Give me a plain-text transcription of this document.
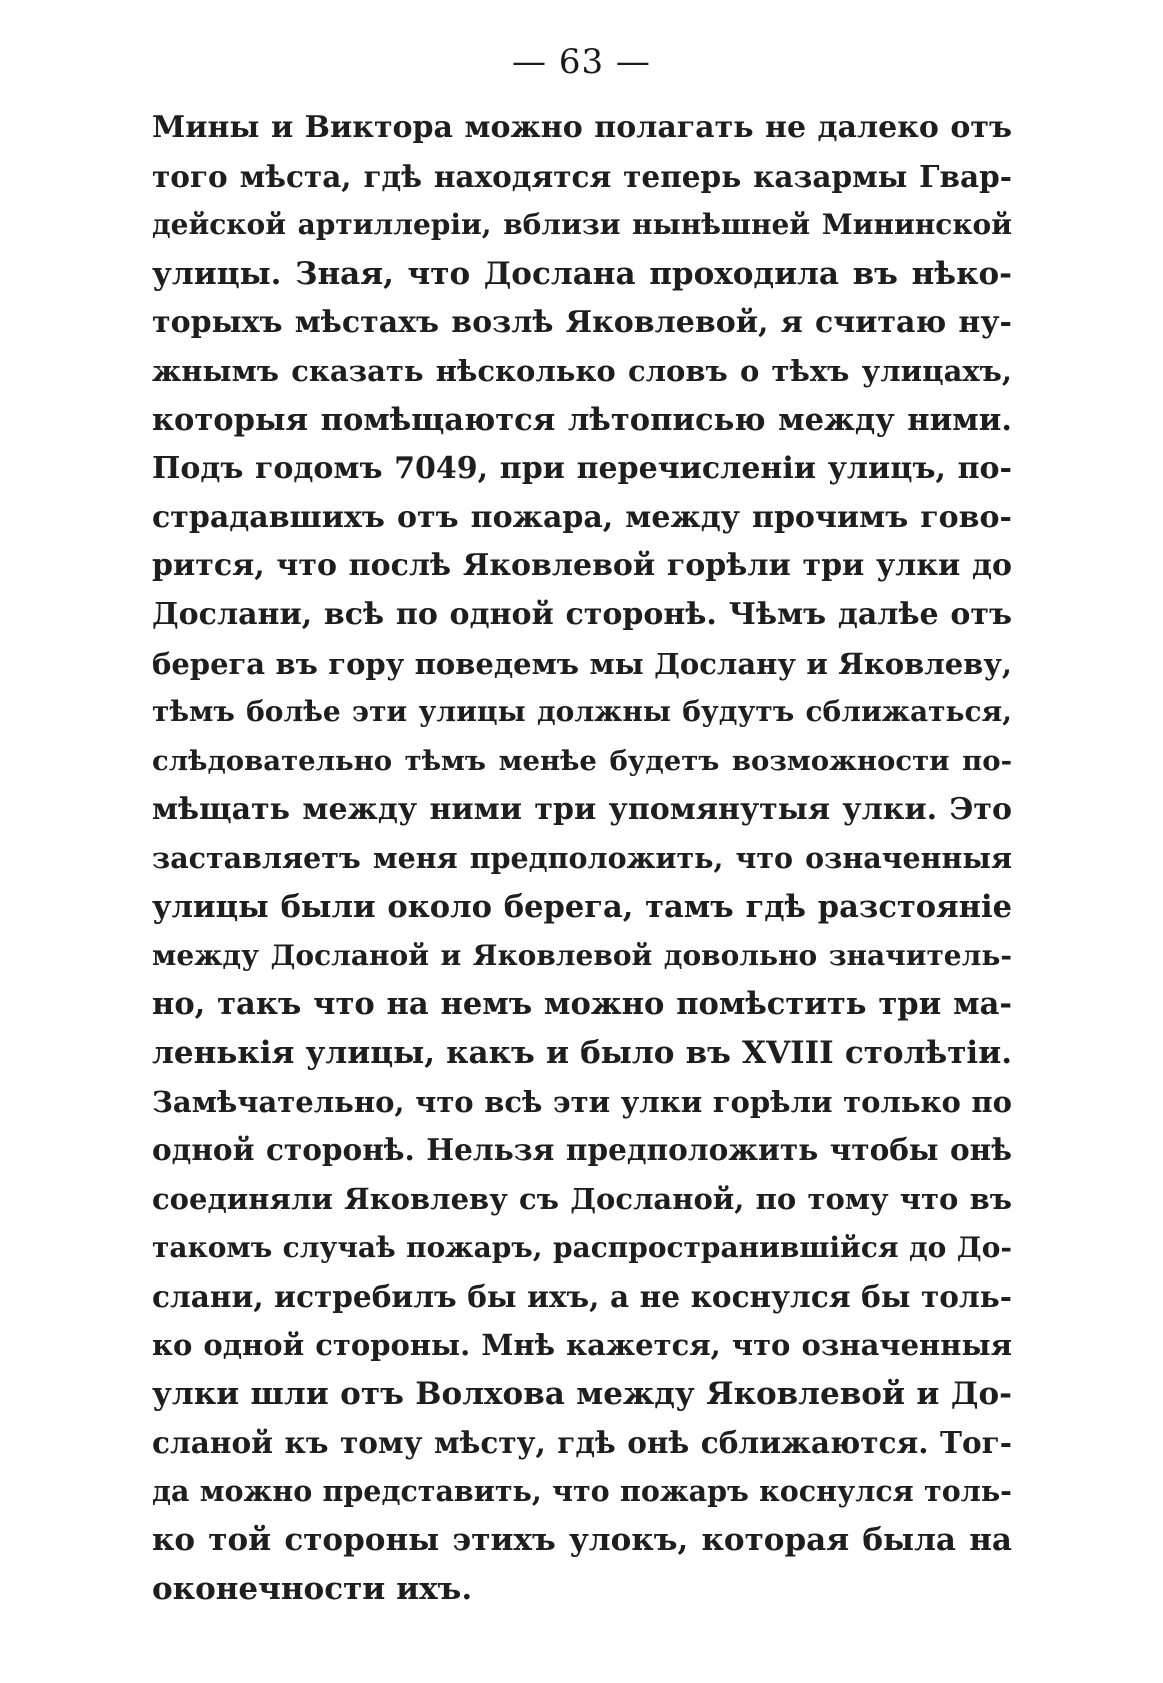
— 63 —
Мины и Виктора можно полагать не далеко отъ
того мѣста, гдѣ находятся теперь казармы Гвар-
дейской артиллеріи, вблизи нынѣшней Мининской
улицы. Зная, что Дослана проходила въ нѣко-
торыхъ мѣстахъ возлѣ Яковлевой, я считаю ну-
жнымъ сказать нѣсколько словъ о тѣхъ улицахъ,
которыя помѣщаются лѣтописью между ними.
Подъ годомъ 7049, при перечисленіи улицъ, по-
страдавшихъ отъ пожара, между прочимъ гово-
рится, что послѣ Яковлевой горѣли три улки до
Дослани, всѣ по одной сторонѣ. Чѣмъ далѣе отъ
берега въ гору поведемъ мы Дослану и Яковлеву,
тѣмъ болѣе эти улицы должны будутъ сближаться,
слѣдовательно тѣмъ менѣе будетъ возможности по-
мѣщать между ними три упомянутыя улки. Это
заставляетъ меня предположить, что означенныя
улицы были около берега, тамъ гдѣ разстояніе
между Досланой и Яковлевой довольно значитель-
но, такъ что на немъ можно помѣстить три ма-
ленькія улицы, какъ и было въ XVIII столѣтіи.
Замѣчательно, что всѣ эти улки горѣли только по
одной сторонѣ. Нельзя предположить чтобы онѣ
соединяли Яковлеву съ Досланой, по тому что въ
такомъ случаѣ пожаръ, распространившійся до До-
слани, истребилъ бы ихъ, а не коснулся бы толь-
ко одной стороны. Мнѣ кажется, что означенныя
улки шли отъ Волхова между Яковлевой и До-
сланой къ тому мѣсту, гдѣ онѣ сближаются. Тог-
да можно представить, что пожаръ коснулся толь-
ко той стороны этихъ улокъ, которая была на
оконечности ихъ.
